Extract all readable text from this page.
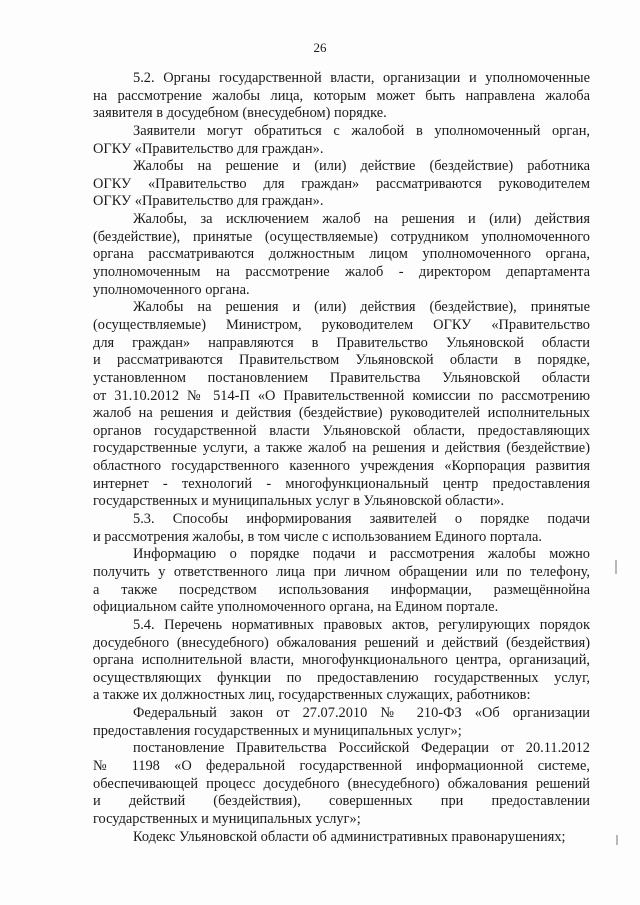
26
5.2. Органы государственной власти, организации и уполномоченные
на рассмотрение жалобы лица, которым может быть направлена жалоба
заявителя в досудебном (внесудебном) порядке.
Заявители могут обратиться с жалобой в уполномоченный орган,
ОГКУ «Правительство для граждан».
Жалобы на решение и (или) действие (бездействие) работника
ОГКУ «Правительство для граждан» рассматриваются руководителем
ОГКУ «Правительство для граждан».
Жалобы, за исключением жалоб на решения и (или) действия
(бездействие), принятые (осуществляемые) сотрудником уполномоченного
органа рассматриваются должностным лицом уполномоченного органа,
уполномоченным на рассмотрение жалоб - директором департамента
уполномоченного органа.
Жалобы на решения и (или) действия (бездействие), принятые
(осуществляемые) Министром, руководителем ОГКУ «Правительство
для граждан» направляются в Правительство Ульяновской области
и рассматриваются Правительством Ульяновской области в порядке,
установленном постановлением Правительства Ульяновской области
от 31.10.2012 № 514-П «О Правительственной комиссии по рассмотрению
жалоб на решения и действия (бездействие) руководителей исполнительных
органов государственной власти Ульяновской области, предоставляющих
государственные услуги, а также жалоб на решения и действия (бездействие)
областного государственного казенного учреждения «Корпорация развития
интернет - технологий - многофункциональный центр предоставления
государственных и муниципальных услуг в Ульяновской области».
5.3. Способы информирования заявителей о порядке подачи
и рассмотрения жалобы, в том числе с использованием Единого портала.
Информацию о порядке подачи и рассмотрения жалобы можно
получить у ответственного лица при личном обращении или по телефону,
а также посредством использования информации, размещённойна
официальном сайте уполномоченного органа, на Едином портале.
5.4. Перечень нормативных правовых актов, регулирующих порядок
досудебного (внесудебного) обжалования решений и действий (бездействия)
органа исполнительной власти, многофункционального центра, организаций,
осуществляющих функции по предоставлению государственных услуг,
а также их должностных лиц, государственных служащих, работников:
Федеральный закон от 27.07.2010 № 210-ФЗ «Об организации
предоставления государственных и муниципальных услуг»;
постановление Правительства Российской Федерации от 20.11.2012
№ 1198 «О федеральной государственной информационной системе,
обеспечивающей процесс досудебного (внесудебного) обжалования решений
и действий (бездействия), совершенных при предоставлении
государственных и муниципальных услуг»;
Кодекс Ульяновской области об административных правонарушениях;
